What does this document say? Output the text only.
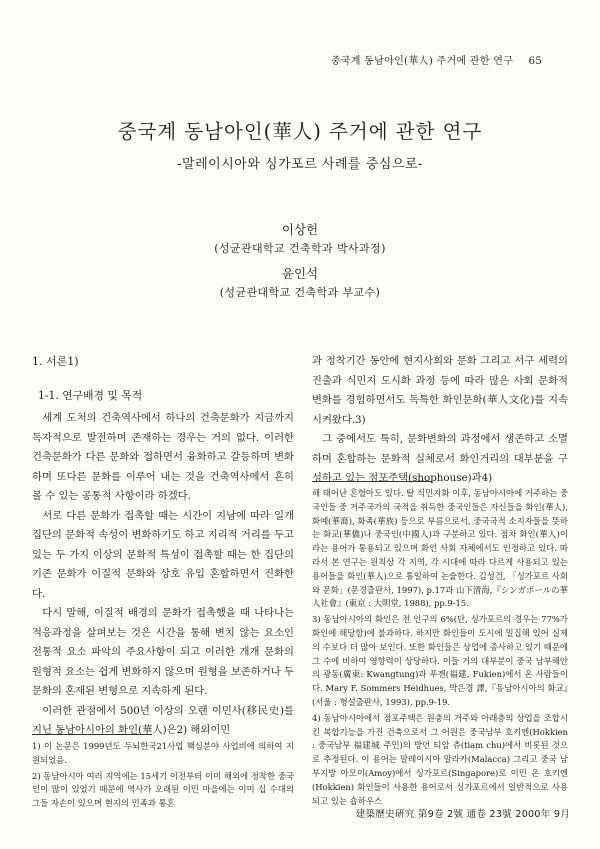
중국계 동남아인(華人) 주거에 관한 연구 65
중국계 동남아인(華人) 주거에 관한 연구
-말레이시아와 싱가포르 사례를 중심으로-

이상헌

(성균관대학교 건축학과 박사과정)

윤인석

(성균관대학교 건축학과 부교수)

1. 서론1)

1-1. 연구배경 및 목적

세계 도처의 건축역사에서 하나의 건축문화가 지금까지 독자적으로 발전하며 존재하는 경우는 거의 없다. 이러한 건축문화가 다른 문화와 접하면서 융화하고 갈등하며 변화하며 또다른 문화를 이루어 내는 것을 건축역사에서 흔히 볼 수 있는 공통적 사항이라 하겠다.

서로 다른 문화가 접촉할 때는 시간이 지남에 따라 일개 집단의 문화적 속성이 변화하기도 하고 지리적 거리를 두고 있는 두 가지 이상의 문화적 특성이 접촉할 때는 한 집단의 기존 문화가 이질적 문화와 상호 유입 혼합하면서 진화한다.

다시 말해, 이질적 배경의 문화가 접촉했을 때 나타나는 적응과정을 살펴보는 것은 시간을 통해 변치 않는 요소인 전통적 요소 파악의 주요사항이 되고 이러한 개개 문화의 원형적 요소는 쉽게 변화하지 않으며 원형을 보존하거나 두 문화의 혼재된 변형으로 지속하게 된다.

이러한 관점에서 500년 이상의 오랜 이민사(移民史)를 지닌 동남아시아의 화인(華人)은2) 해외이민

과 정착기간 동안에 현지사회와 문화 그리고 서구 세력의 진출과 식민지 도시화 과정 등에 따라 많은 사회 문화적 변화를 경험하면서도 독특한 화인문화(華人文化)를 지속시켜왔다.3)

그 중에서도 특히, 문화변화의 과정에서 생존하고 소멸하며 혼합하는 문화적 실체로서 화인거리의 대부분을 구성하고 있는 점포주택(shophouse)과4)

해 태어난 혼혈아도 있다. 탈 식민지화 이후, 동남아시아에 거주하는 중국인들 중 거주국가의 국적을 취득한 중국인들은 자신들을 화인(華人), 화예(華裔), 화족(華族) 등으로 부름으로서, 중국국적 소지자들을 뜻하는 화교(華僑)나 중국인(中國人)과 구분하고 있다. 점차 화인(華人)이라는 용어가 통용되고 있으며 화인 사회 자체에서도 인정하고 있다. 따라서 본 연구는 원칙상 각 지역, 각 시대에 따라 다르게 사용되고 있는 용어들을 화인(華人)으로 통일하여 논술한다. 김성건, 「싱가포르 사회와 문화」(문경출판사, 1997), p.17과 山下清海,『シンガポールの華人社會』(東京 : 大明堂, 1988), pp.9-15.

3) 동남아시아의 화인은 전 인구의 6%(단, 싱가포르의 경우는 77%가 화인에 해당함)에 불과하다. 하지만 화인들이 도시에 밀집해 있어 실제의 수보다 더 많아 보인다. 또한 화인들은 상업에 종사하고 있기 때문에 그 수에 비하여 영향력이 상당하다. 이들 거의 대부분이 중국 남부해안의 광동(廣東: Kwangtung)과 푸젠(福建, Fukien)에서 온 사람들이다. Mary F. Sommers Heidhues, 박은경 譯,『동남아시아의 화교』(서울 : 형설출판사, 1993), pp.9-19.

4) 동남아시아에서 점포주택은 원충의 거주와 아래층의 상업을 조합시킨 복합기능을 가진 건축으로서 그 어원은 중국남부 호키엔(Hokkien : 중국남부 福建城 주민)의 방언 티암 츄(tiam chu)에서 비롯된 것으로 추정된다. 이 용어는 말레이시아 말라카(Malacca) 그리고 중국 남부지방 아모이(Amoy)에서 싱가포르(Singapore)로 이민 온 호키엔(Hokkien) 화인들이 사용한 용어로서 싱가포르에서 일반적으로 사용되고 있는 숍하우스

1) 이 논문은 1999년도 두뇌한국21사업 핵심분야 사업비에 의하여 지원되었음.

2) 동남아시아 여러 지역에는 15세기 이전부터 이미 해외에 정착한 중국인이 많이 있었기 때문에 역사가 오래된 이민 마을에는 이미 십 수대의 그들 자손이 있으며 현지의 민족과 통혼

建築歷史硏究 第9卷 2號 通卷 23號 2000年 9月
